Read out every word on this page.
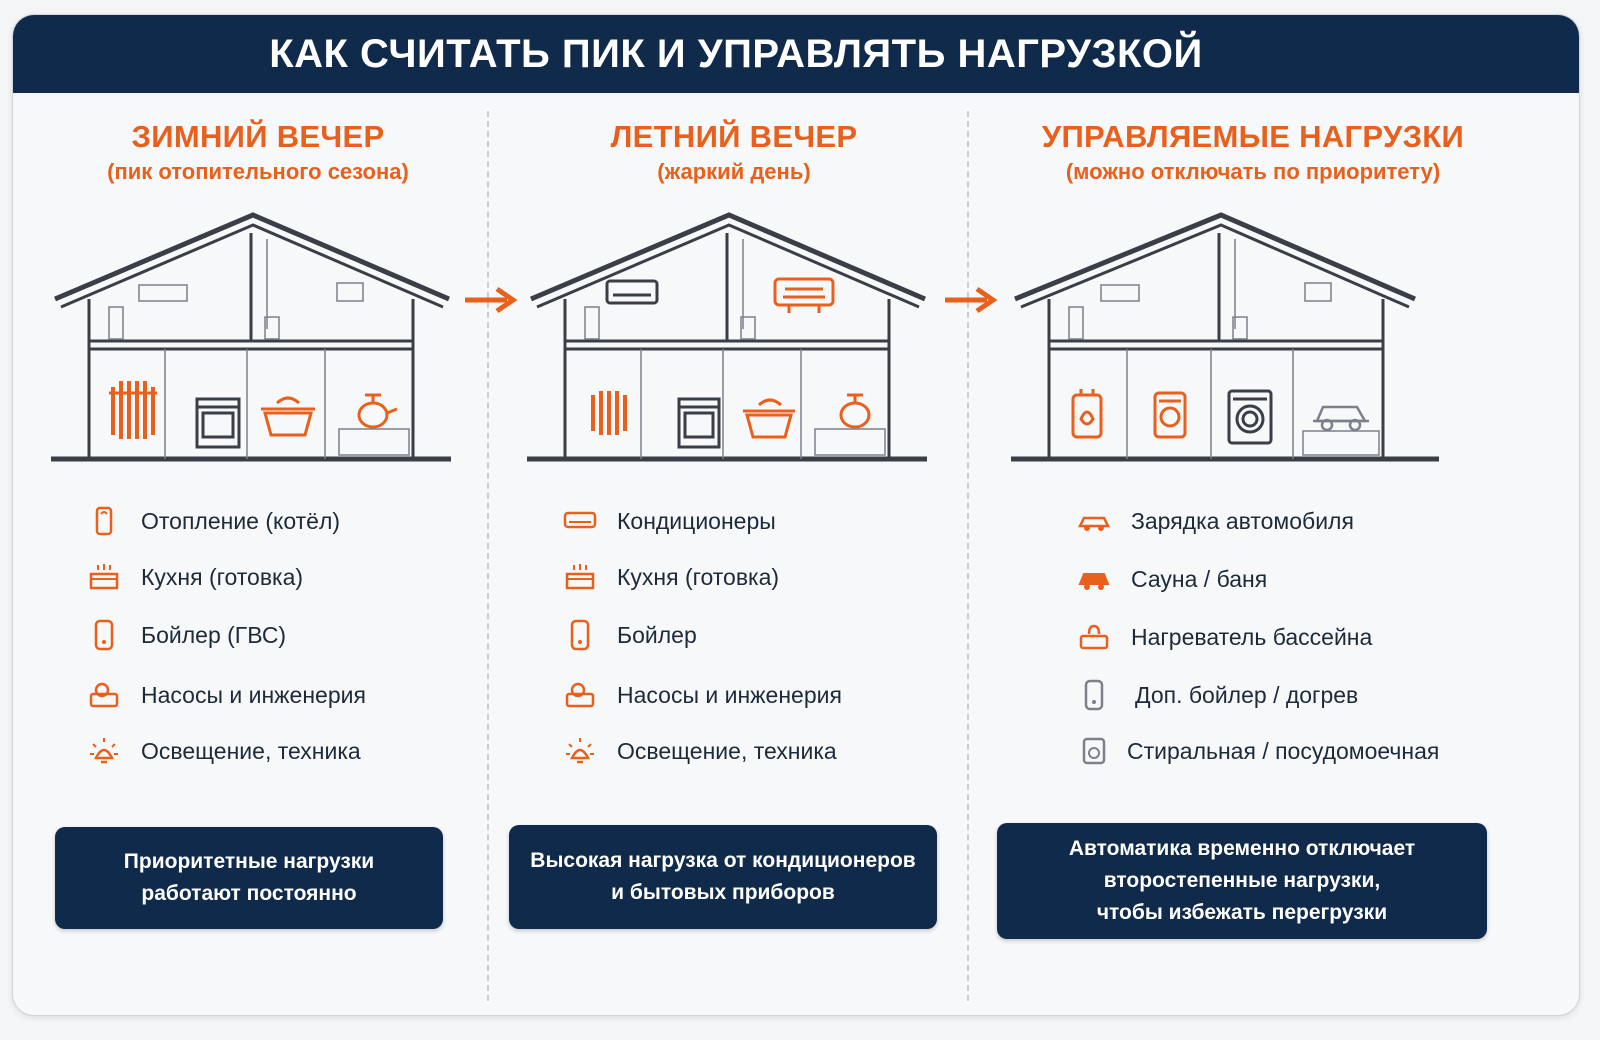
КАК СЧИТАТЬ ПИК И УПРАВЛЯТЬ НАГРУЗКОЙ
ЗИМНИЙ ВЕЧЕР
(пик отопительного сезона)
Отопление (котёл)
Кухня (готовка)
Бойлер (ГВС)
Насосы и инженерия
Освещение, техника
Приоритетные нагрузки
работают постоянно
ЛЕТНИЙ ВЕЧЕР
(жаркий день)
Кондиционеры
Кухня (готовка)
Бойлер
Насосы и инженерия
Освещение, техника
Высокая нагрузка от кондиционеров
и бытовых приборов
УПРАВЛЯЕМЫЕ НАГРУЗКИ
(можно отключать по приоритету)
Зарядка автомобиля
Сауна / баня
Нагреватель бассейна
Доп. бойлер / догрев
Стиральная / посудомоечная
Автоматика временно отключает
второстепенные нагрузки,
чтобы избежать перегрузки
